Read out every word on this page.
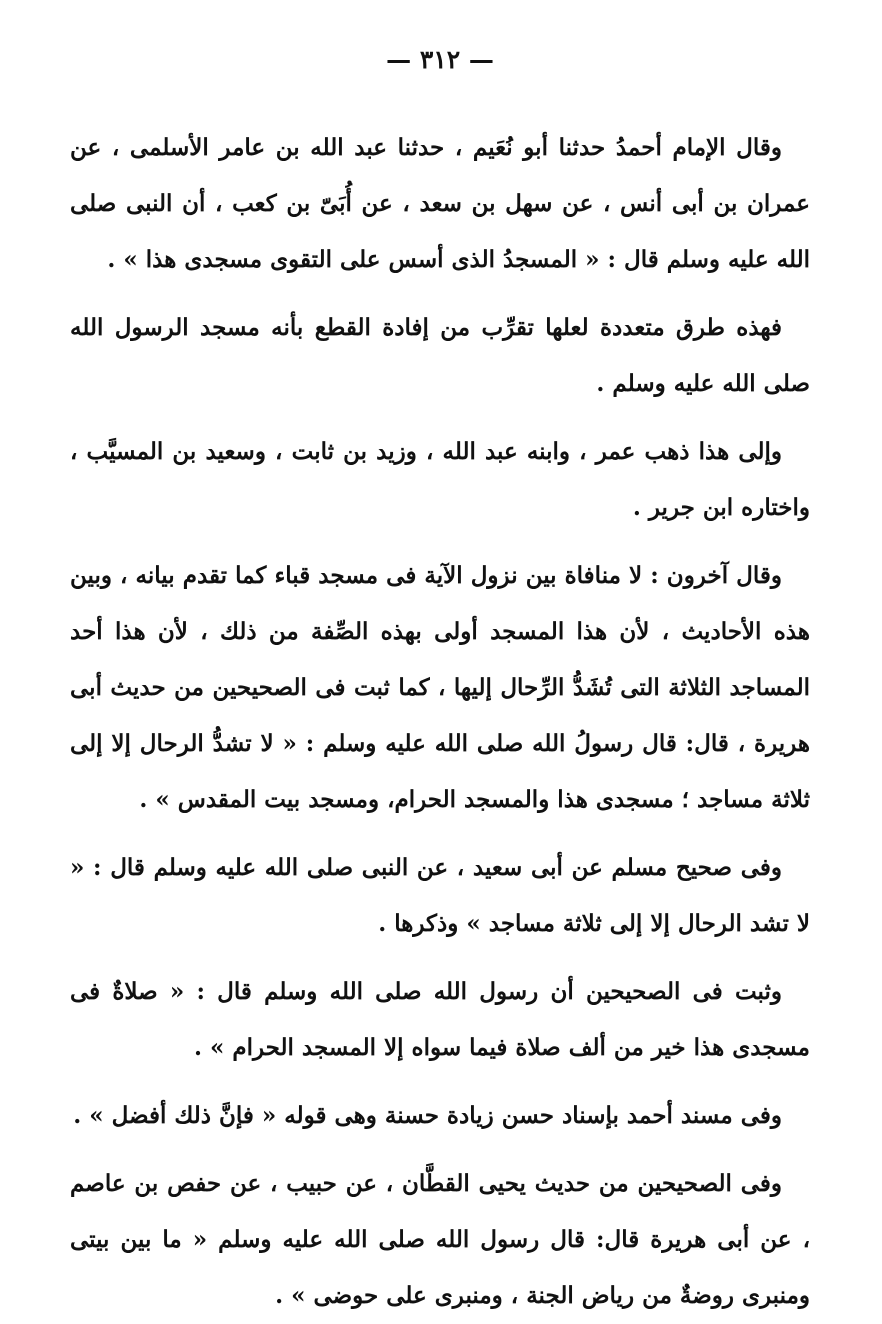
— ٣١٢ —

وقال الإمام أحمدُ حدثنا أبو نُعَيم ، حدثنا عبد الله بن عامر الأسلمى ، عن عمران بن أبى أنس ، عن سهل بن سعد ، عن أُبَىّ بن كعب ، أن النبى صلى الله عليه وسلم قال : « المسجدُ الذى أسس على التقوى مسجدى هذا » .

فهذه طرق متعددة لعلها تقرِّب من إفادة القطع بأنه مسجد الرسول الله صلى الله عليه وسلم .

وإلى هذا ذهب عمر ، وابنه عبد الله ، وزيد بن ثابت ، وسعيد بن المسيَّب ، واختاره ابن جرير .

وقال آخرون : لا منافاة بين نزول الآية فى مسجد قباء كما تقدم بيانه ، وبين هذه الأحاديث ، لأن هذا المسجد أولى بهذه الصِّفة من ذلك ، لأن هذا أحد المساجد الثلاثة التى تُشَدُّ الرِّحال إليها ، كما ثبت فى الصحيحين من حديث أبى هريرة ، قال: قال رسولُ الله صلى الله عليه وسلم : « لا تشدُّ الرحال إلا إلى ثلاثة مساجد ؛ مسجدى هذا والمسجد الحرام، ومسجد بيت المقدس » .

وفى صحيح مسلم عن أبى سعيد ، عن النبى صلى الله عليه وسلم قال : « لا تشد الرحال إلا إلى ثلاثة مساجد » وذكرها .

وثبت فى الصحيحين أن رسول الله صلى الله وسلم قال : « صلاةٌ فى مسجدى هذا خير من ألف صلاة فيما سواه إلا المسجد الحرام » .

وفى مسند أحمد بإسناد حسن زيادة حسنة وهى قوله « فإنَّ ذلك أفضل » .

وفى الصحيحين من حديث يحيى القطَّان ، عن حبيب ، عن حفص بن عاصم ، عن أبى هريرة قال: قال رسول الله صلى الله عليه وسلم « ما بين بيتى ومنبرى روضةٌ من رياض الجنة ، ومنبرى على حوضى » .
